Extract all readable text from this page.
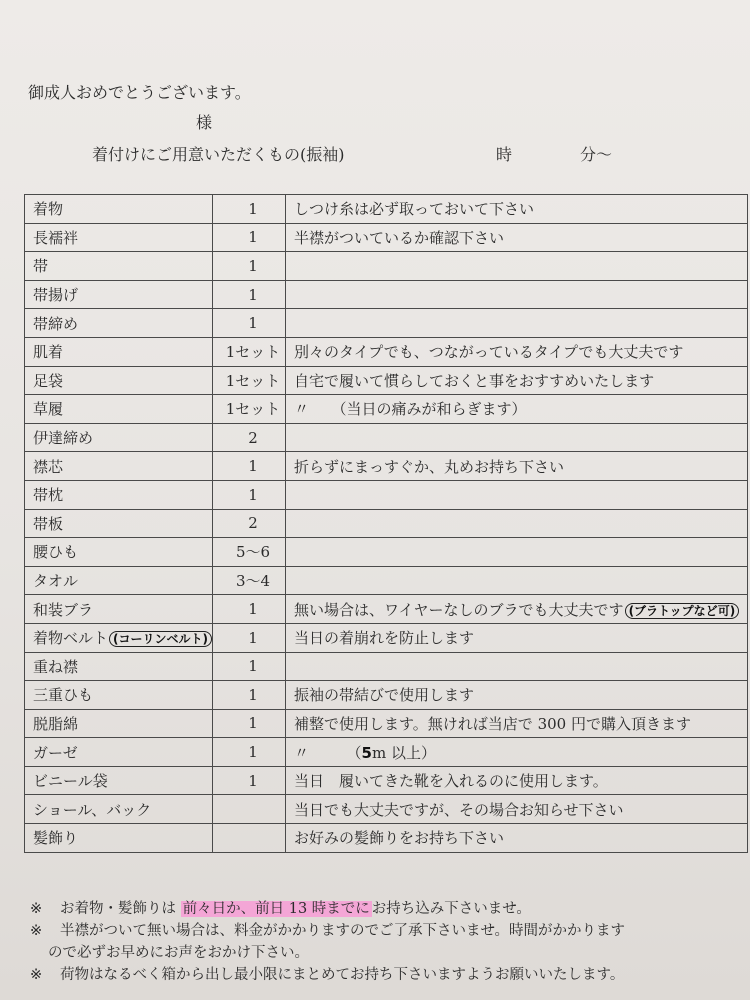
御成人おめでとうございます。
様
着付けにご用意いただくもの(振袖)	時	分〜
着物	1	しつけ糸は必ず取っておいて下さい
長襦袢	1	半襟がついているか確認下さい
帯	1	
帯揚げ	1	
帯締め	1	
肌着	1セット	別々のタイプでも、つながっているタイプでも大丈夫です
足袋	1セット	自宅で履いて慣らしておくと事をおすすめいたします
草履	1セット	〃　　（当日の痛みが和らぎます）
伊達締め	2	
襟芯	1	折らずにまっすぐか、丸めお持ち下さい
帯枕	1	
帯板	2	
腰ひも	5〜6	
タオル	3〜4	
和装ブラ	1	無い場合は、ワイヤーなしのブラでも大丈夫です (ブラトップなど可)
着物ベルト (コーリンベルト)	1	当日の着崩れを防止します
重ね襟	1	
三重ひも	1	振袖の帯結びで使用します
脱脂綿	1	補整で使用します。無ければ当店で 300 円で購入頂きます
ガーゼ	1	〃　　　（5m 以上）
ビニール袋	1	当日　履いてきた靴を入れるのに使用します。
ショール、バック		当日でも大丈夫ですが、その場合お知らせ下さい
髪飾り		お好みの髪飾りをお持ち下さい
※ お着物・髪飾りは 前々日か、前日 13 時までに お持ち込み下さいませ。
※ 半襟がついて無い場合は、料金がかかりますのでご了承下さいませ。時間がかかります
ので必ずお早めにお声をおかけ下さい。
※ 荷物はなるべく箱から出し最小限にまとめてお持ち下さいますようお願いいたします。
